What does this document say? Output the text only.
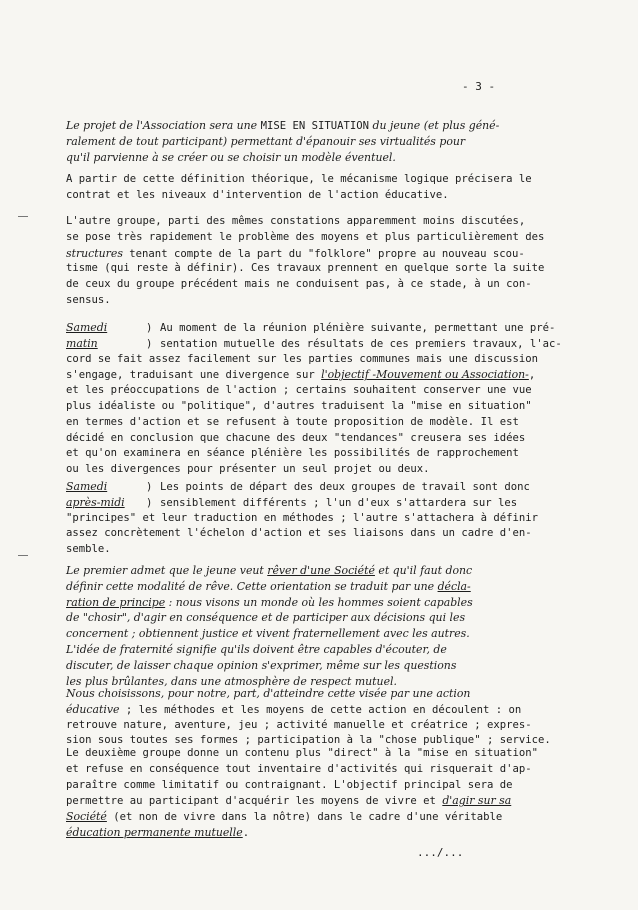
- 3 -
Le projet de l'Association sera une MISE EN SITUATION du jeune (et plus géné-
ralement de tout participant) permettant d'épanouir ses virtualités pour
qu'il parvienne à se créer ou se choisir un modèle éventuel.
A partir de cette définition théorique, le mécanisme logique précisera le
contrat et les niveaux d'intervention de l'action éducative.
L'autre groupe, parti des mêmes constations apparemment moins discutées,
se pose très rapidement le problème des moyens et plus particulièrement des
structures tenant compte de la part du "folklore" propre au nouveau scou-
tisme (qui reste à définir). Ces travaux prennent en quelque sorte la suite
de ceux du groupe précédent mais ne conduisent pas, à ce stade, à un con-
sensus.
Samedi	) Au moment de la réunion plénière suivante, permettant une pré-
matin	) sentation mutuelle des résultats de ces premiers travaux, l'ac-
cord se fait assez facilement sur les parties communes mais une discussion
s'engage, traduisant une divergence sur l'objectif -Mouvement ou Association-,
et les préoccupations de l'action ; certains souhaitent conserver une vue
plus idéaliste ou "politique", d'autres traduisent la "mise en situation"
en termes d'action et se refusent à toute proposition de modèle. Il est
décidé en conclusion que chacune des deux "tendances" creusera ses idées
et qu'on examinera en séance plénière les possibilités de rapprochement
ou les divergences pour présenter un seul projet ou deux.
Samedi	) Les points de départ des deux groupes de travail sont donc
après-midi ) sensiblement différents ; l'un d'eux s'attardera sur les
"principes" et leur traduction en méthodes ; l'autre s'attachera à définir
assez concrètement l'échelon d'action et ses liaisons dans un cadre d'en-
semble.
Le premier admet que le jeune veut rêver d'une Société et qu'il faut donc
définir cette modalité de rêve. Cette orientation se traduit par une décla-
ration de principe : nous visons un monde où les hommes soient capables
de "chosir", d'agir en conséquence et de participer aux décisions qui les
concernent ; obtiennent justice et vivent fraternellement avec les autres.
L'idée de fraternité signifie qu'ils doivent être capables d'écouter, de
discuter, de laisser chaque opinion s'exprimer, même sur les questions
les plus brûlantes, dans une atmosphère de respect mutuel.
Nous choisissons, pour notre, part, d'atteindre cette visée par une action
éducative ; les méthodes et les moyens de cette action en découlent : on
retrouve nature, aventure, jeu ; activité manuelle et créatrice ; expres-
sion sous toutes ses formes ; participation à la "chose publique" ; service.
Le deuxième groupe donne un contenu plus "direct" à la "mise en situation"
et refuse en conséquence tout inventaire d'activités qui risquerait d'ap-
paraître comme limitatif ou contraignant. L'objectif principal sera de
permettre au participant d'acquérir les moyens de vivre et d'agir sur sa
Société (et non de vivre dans la nôtre) dans le cadre d'une véritable
éducation permanente mutuelle.
.../...
